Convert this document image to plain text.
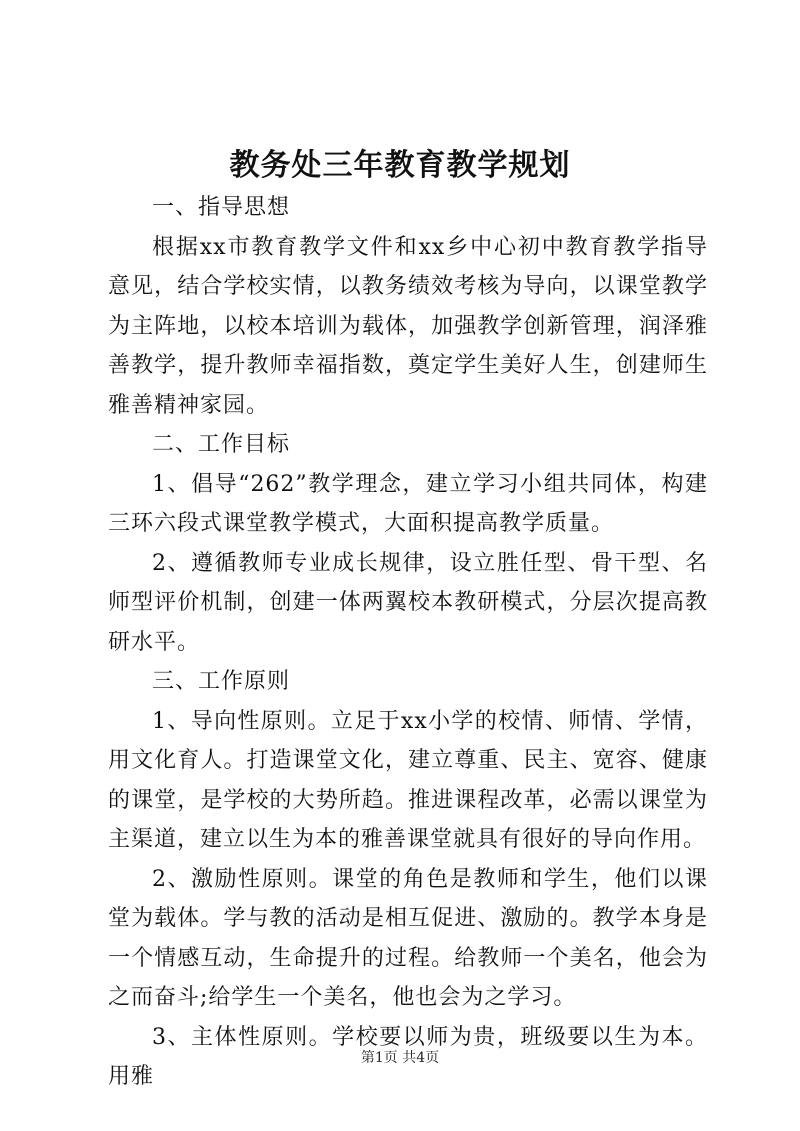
教务处三年教育教学规划

一、指导思想

根据xx市教育教学文件和xx乡中心初中教育教学指导意见，结合学校实情，以教务绩效考核为导向，以课堂教学为主阵地，以校本培训为载体，加强教学创新管理，润泽雅善教学，提升教师幸福指数，奠定学生美好人生，创建师生雅善精神家园。

二、工作目标

1、倡导“262”教学理念，建立学习小组共同体，构建三环六段式课堂教学模式，大面积提高教学质量。

2、遵循教师专业成长规律，设立胜任型、骨干型、名师型评价机制，创建一体两翼校本教研模式，分层次提高教研水平。

三、工作原则

1、导向性原则。立足于xx小学的校情、师情、学情，用文化育人。打造课堂文化，建立尊重、民主、宽容、健康的课堂，是学校的大势所趋。推进课程改革，必需以课堂为主渠道，建立以生为本的雅善课堂就具有很好的导向作用。

2、激励性原则。课堂的角色是教师和学生，他们以课堂为载体。学与教的活动是相互促进、激励的。教学本身是一个情感互动，生命提升的过程。给教师一个美名，他会为之而奋斗;给学生一个美名，他也会为之学习。

3、主体性原则。学校要以师为贵，班级要以生为本。用雅

第1页 共4页
